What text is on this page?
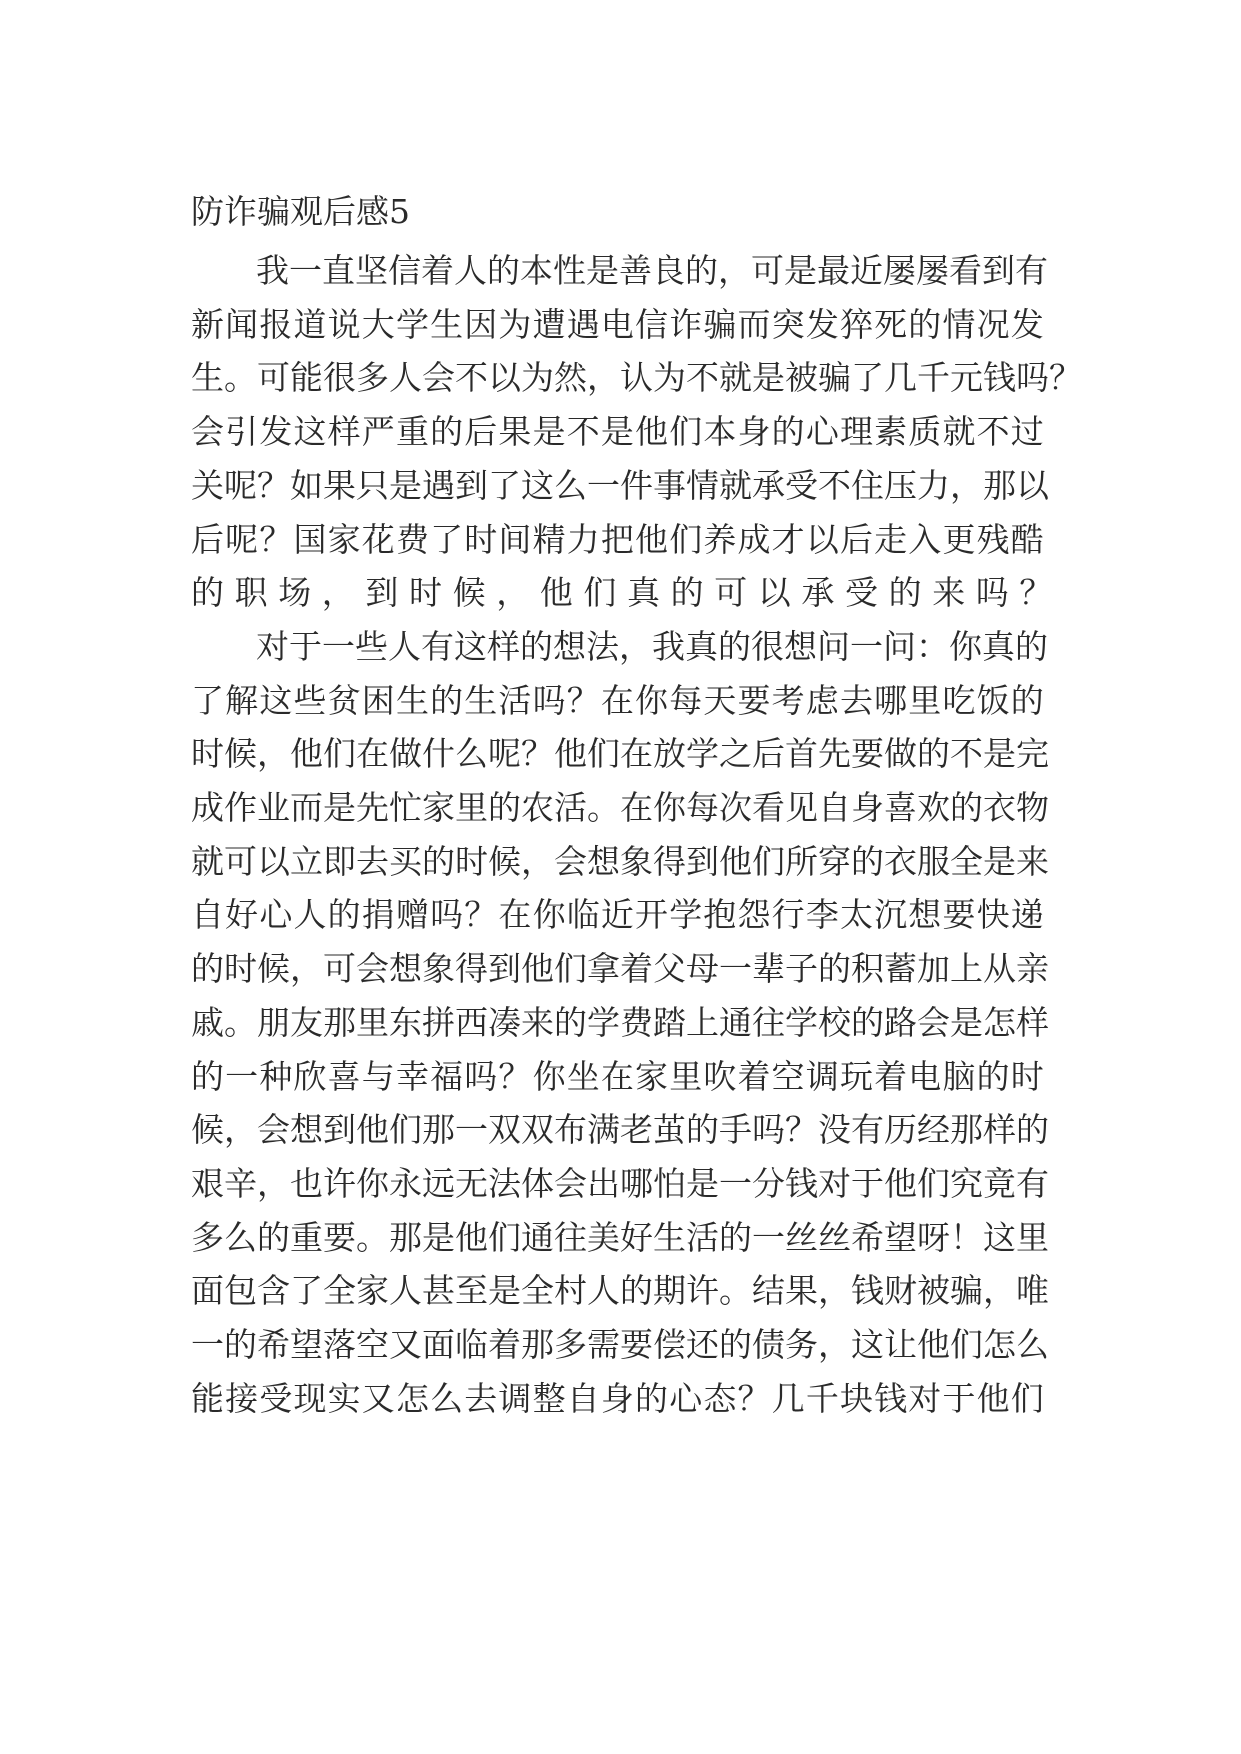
防诈骗观后感5
我 一 直 坚 信 着 人 的 本 性 是 善 良 的 ， 可 是 最 近 屡 屡 看 到 有
新 闻 报 道 说 大 学 生 因 为 遭 遇 电 信 诈 骗 而 突 发 猝 死 的 情 况 发
生 。 可 能 很 多 人 会 不 以 为 然 ， 认 为 不 就 是 被 骗 了 几 千 元 钱 吗 ？
会 引 发 这 样 严 重 的 后 果 是 不 是 他 们 本 身 的 心 理 素 质 就 不 过
关 呢 ？ 如 果 只 是 遇 到 了 这 么 一 件 事 情 就 承 受 不 住 压 力 ， 那 以
后 呢 ？ 国 家 花 费 了 时 间 精 力 把 他 们 养 成 才 以 后 走 入 更 残 酷
的职场，到时候，他们真的可以承受的来吗？
对 于 一 些 人 有 这 样 的 想 法 ， 我 真 的 很 想 问 一 问 ： 你 真 的
了 解 这 些 贫 困 生 的 生 活 吗 ？ 在 你 每 天 要 考 虑 去 哪 里 吃 饭 的
时 候 ， 他 们 在 做 什 么 呢 ？ 他 们 在 放 学 之 后 首 先 要 做 的 不 是 完
成 作 业 而 是 先 忙 家 里 的 农 活 。 在 你 每 次 看 见 自 身 喜 欢 的 衣 物
就 可 以 立 即 去 买 的 时 候 ， 会 想 象 得 到 他 们 所 穿 的 衣 服 全 是 来
自 好 心 人 的 捐 赠 吗 ？ 在 你 临 近 开 学 抱 怨 行 李 太 沉 想 要 快 递
的 时 候 ， 可 会 想 象 得 到 他 们 拿 着 父 母 一 辈 子 的 积 蓄 加 上 从 亲
戚 。 朋 友 那 里 东 拼 西 凑 来 的 学 费 踏 上 通 往 学 校 的 路 会 是 怎 样
的 一 种 欣 喜 与 幸 福 吗 ？ 你 坐 在 家 里 吹 着 空 调 玩 着 电 脑 的 时
候 ， 会 想 到 他 们 那 一 双 双 布 满 老 茧 的 手 吗 ？ 没 有 历 经 那 样 的
艰 辛 ， 也 许 你 永 远 无 法 体 会 出 哪 怕 是 一 分 钱 对 于 他 们 究 竟 有
多 么 的 重 要 。 那 是 他 们 通 往 美 好 生 活 的 一 丝 丝 希 望 呀 ！ 这 里
面 包 含 了 全 家 人 甚 至 是 全 村 人 的 期 许 。 结 果 ， 钱 财 被 骗 ， 唯
一 的 希 望 落 空 又 面 临 着 那 多 需 要 偿 还 的 债 务 ， 这 让 他 们 怎 么
能 接 受 现 实 又 怎 么 去 调 整 自 身 的 心 态 ？ 几 千 块 钱 对 于 他 们
